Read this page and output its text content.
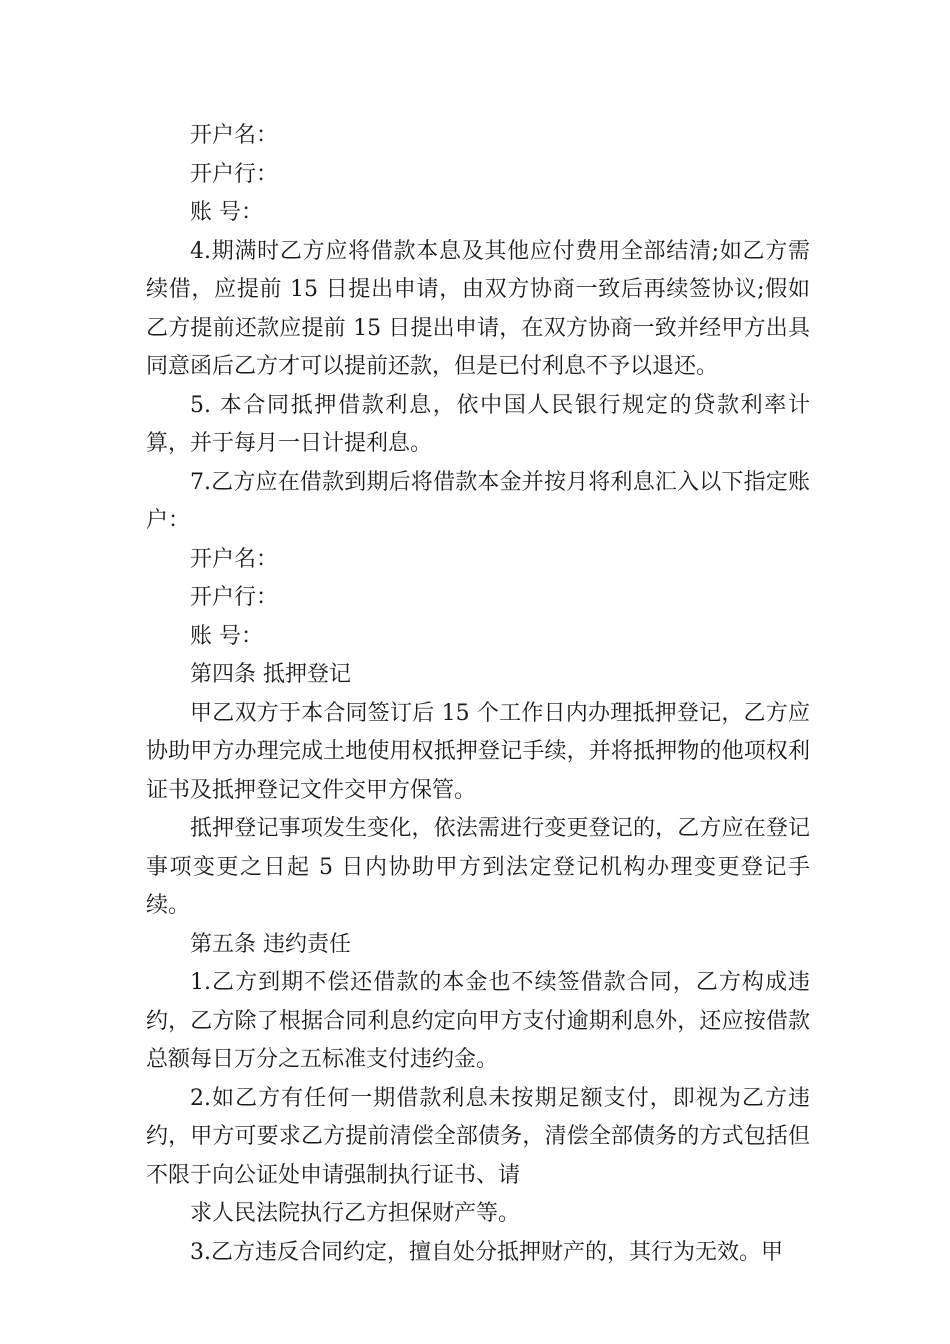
开户名：

开户行：

账 号：

4.期满时乙方应将借款本息及其他应付费用全部结清;如乙方需续借，应提前 15 日提出申请，由双方协商一致后再续签协议;假如乙方提前还款应提前 15 日提出申请，在双方协商一致并经甲方出具同意函后乙方才可以提前还款，但是已付利息不予以退还。

5. 本合同抵押借款利息，依中国人民银行规定的贷款利率计算，并于每月一日计提利息。

7.乙方应在借款到期后将借款本金并按月将利息汇入以下指定账户：

开户名：

开户行：

账 号：

第四条 抵押登记

甲乙双方于本合同签订后 15 个工作日内办理抵押登记，乙方应协助甲方办理完成土地使用权抵押登记手续，并将抵押物的他项权利证书及抵押登记文件交甲方保管。

抵押登记事项发生变化，依法需进行变更登记的，乙方应在登记事项变更之日起 5 日内协助甲方到法定登记机构办理变更登记手续。

第五条 违约责任

1.乙方到期不偿还借款的本金也不续签借款合同，乙方构成违约，乙方除了根据合同利息约定向甲方支付逾期利息外，还应按借款总额每日万分之五标准支付违约金。

2.如乙方有任何一期借款利息未按期足额支付，即视为乙方违约，甲方可要求乙方提前清偿全部债务，清偿全部债务的方式包括但不限于向公证处申请强制执行证书、请

求人民法院执行乙方担保财产等。

3.乙方违反合同约定，擅自处分抵押财产的，其行为无效。甲
